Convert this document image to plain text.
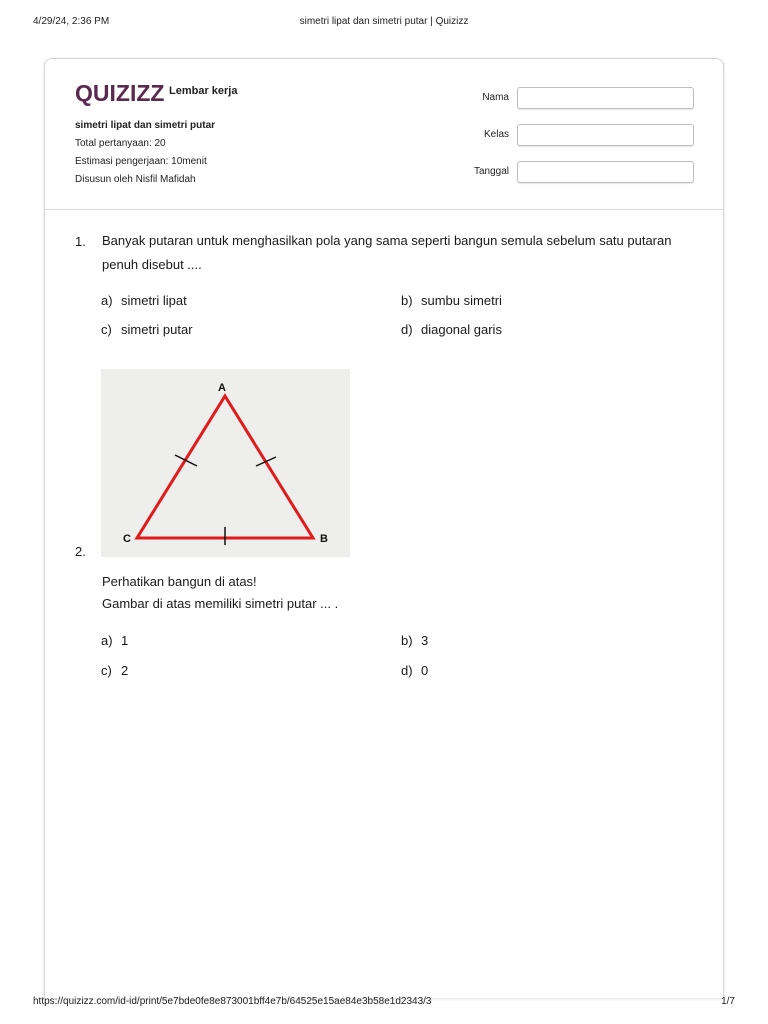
4/29/24, 2:36 PM	simetri lipat dan simetri putar | Quizizz
QUIZIZZ Lembar kerja
simetri lipat dan simetri putar
Total pertanyaan: 20
Estimasi pengerjaan: 10menit
Disusun oleh Nisfil Mafidah
Nama
Kelas
Tanggal
1. Banyak putaran untuk menghasilkan pola yang sama seperti bangun semula sebelum satu putaran penuh disebut ....
a) simetri lipat	b) sumbu simetri
c) simetri putar	d) diagonal garis
A
B
C
2.
Perhatikan bangun di atas!
Gambar di atas memiliki simetri putar ... .
a) 1	b) 3
c) 2	d) 0
https://quizizz.com/id-id/print/5e7bde0fe8e873001bff4e7b/64525e15ae84e3b58e1d2343/3	1/7
